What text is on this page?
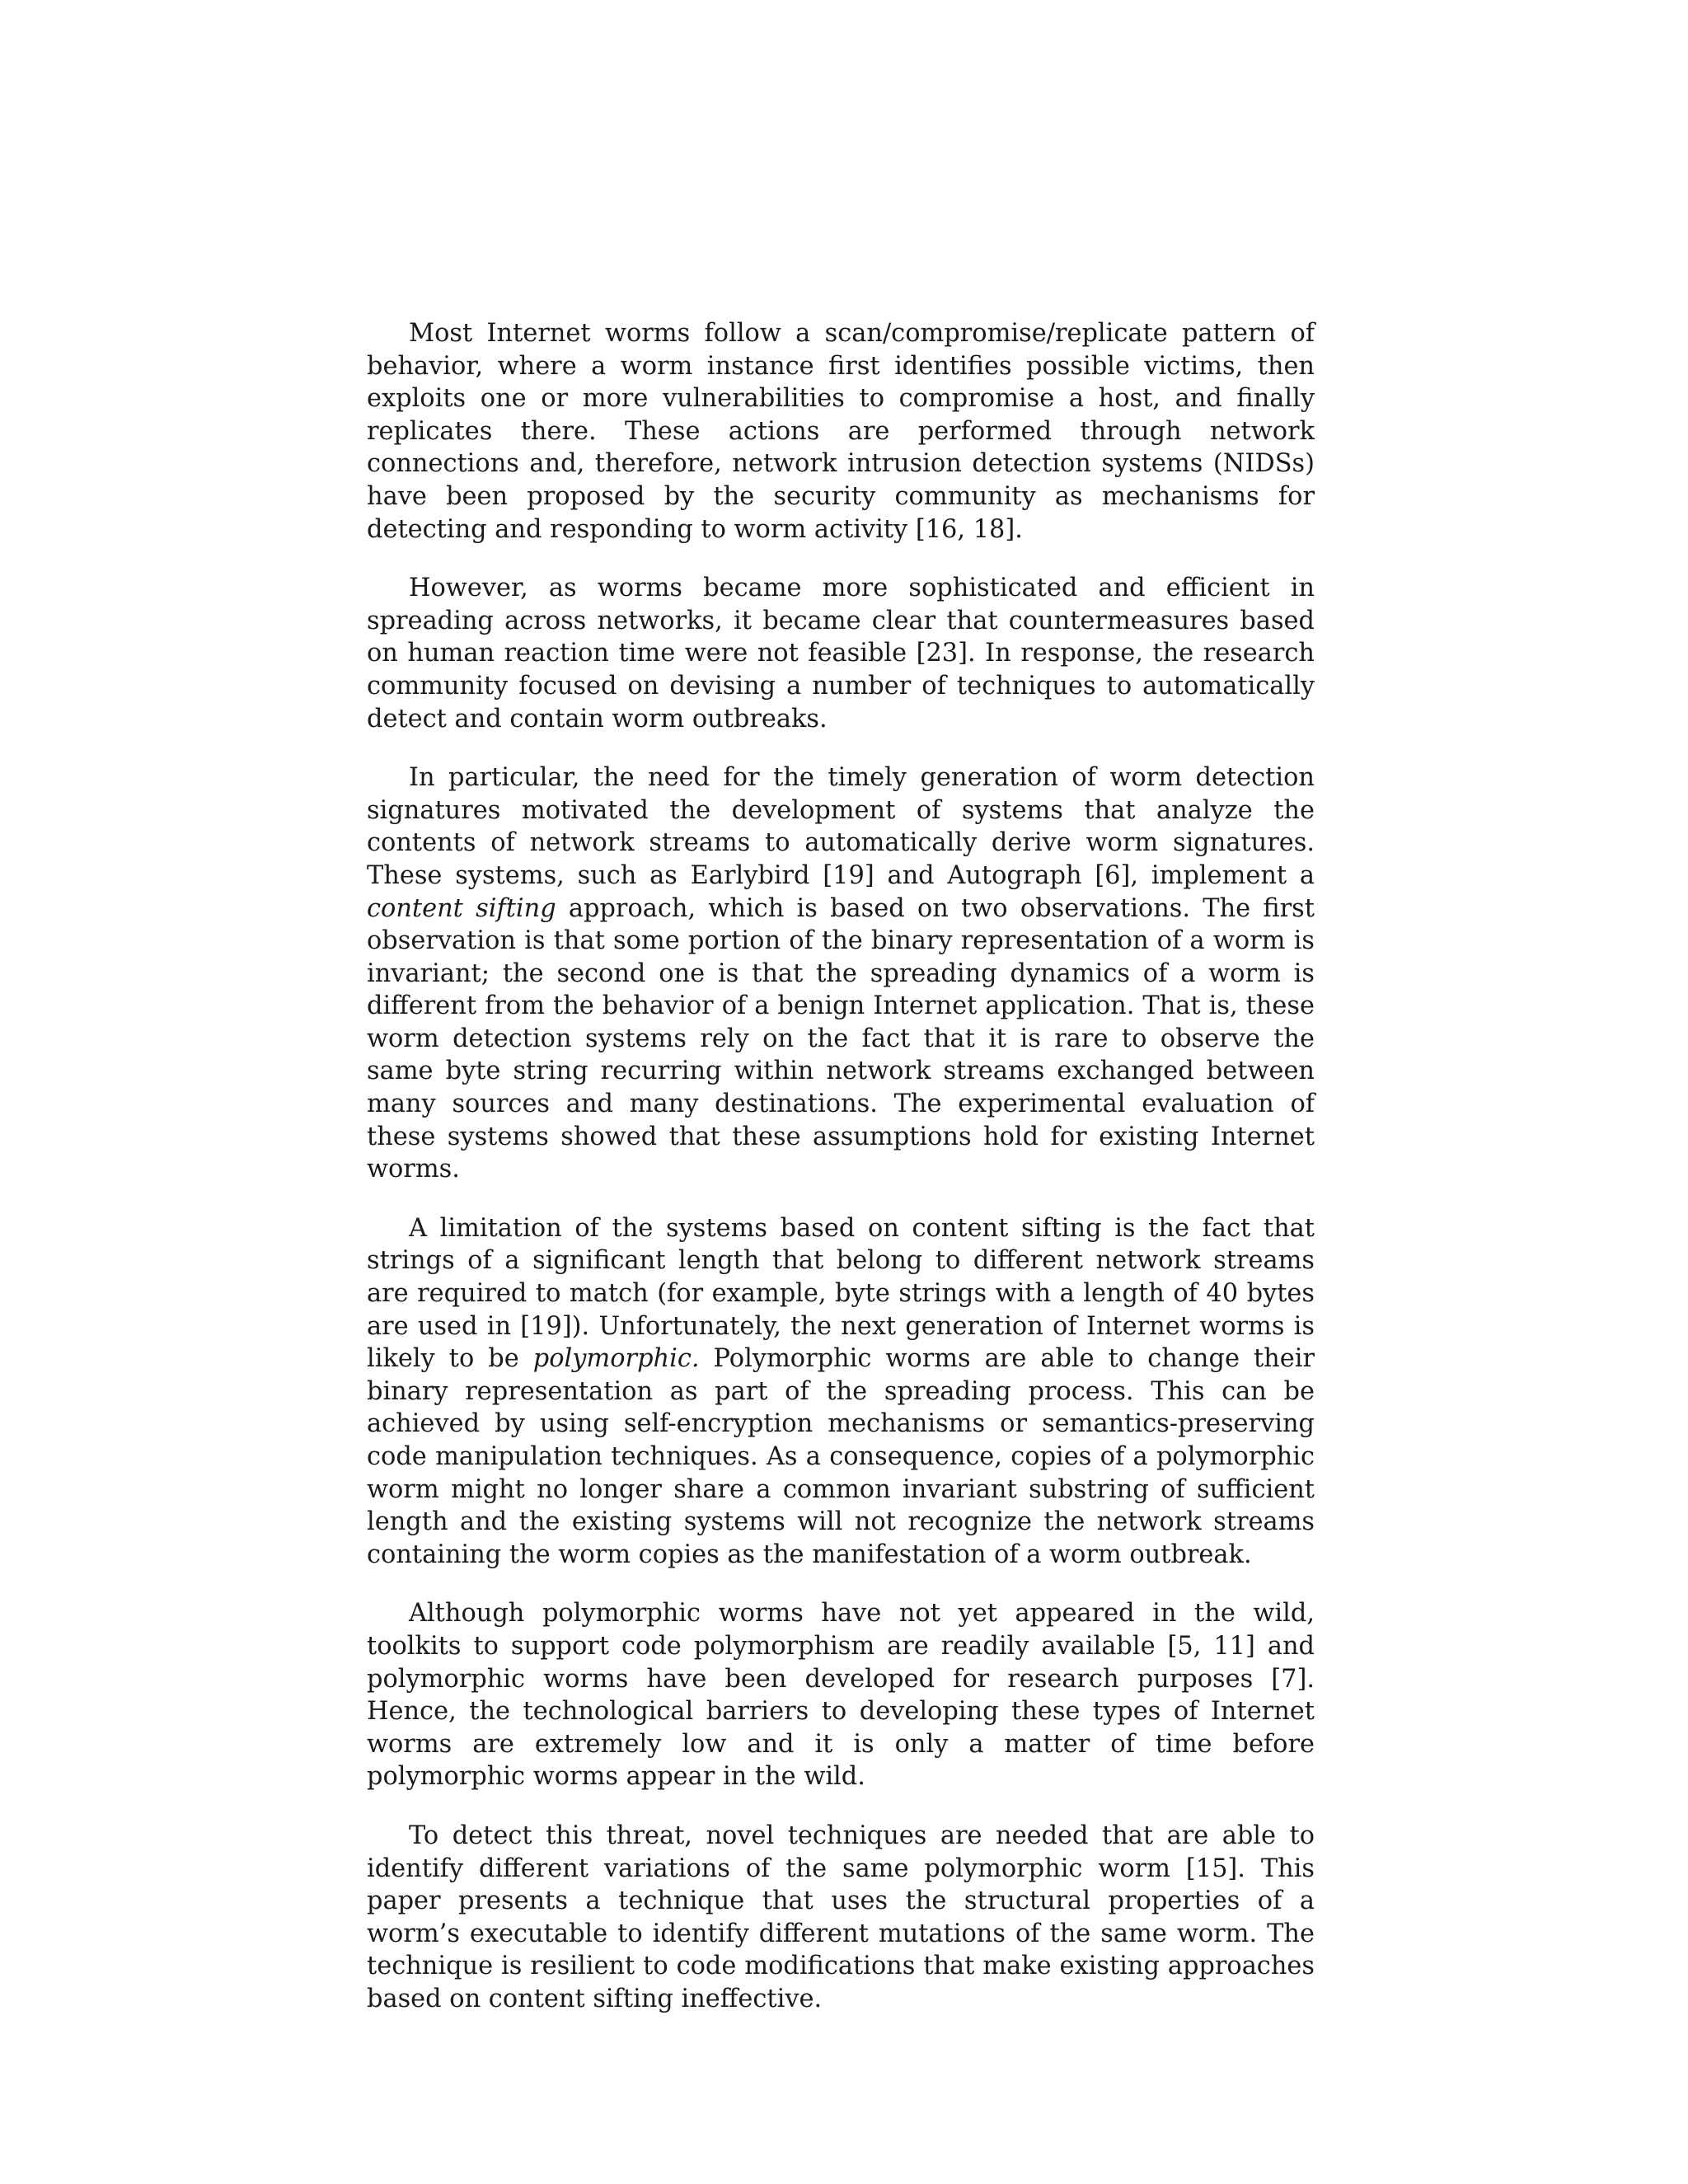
Most Internet worms follow a scan/compromise/replicate pattern of behavior, where a worm instance first identifies possible victims, then exploits one or more vulnerabilities to compromise a host, and finally replicates there. These actions are performed through network connections and, therefore, network intrusion detection systems (NIDSs) have been proposed by the security community as mechanisms for detecting and responding to worm activity [16, 18].

However, as worms became more sophisticated and efficient in spreading across networks, it became clear that countermeasures based on human reaction time were not feasible [23]. In response, the research community focused on devising a number of techniques to automatically detect and contain worm outbreaks.

In particular, the need for the timely generation of worm detection signatures motivated the development of systems that analyze the contents of network streams to automatically derive worm signatures. These systems, such as Earlybird [19] and Autograph [6], implement a content sifting approach, which is based on two observations. The first observation is that some portion of the binary representation of a worm is invariant; the second one is that the spreading dynamics of a worm is different from the behavior of a benign Internet application. That is, these worm detection systems rely on the fact that it is rare to observe the same byte string recurring within network streams exchanged between many sources and many destinations. The experimental evaluation of these systems showed that these assumptions hold for existing Internet worms.

A limitation of the systems based on content sifting is the fact that strings of a significant length that belong to different network streams are required to match (for example, byte strings with a length of 40 bytes are used in [19]). Unfortunately, the next generation of Internet worms is likely to be polymorphic. Polymorphic worms are able to change their binary representation as part of the spreading process. This can be achieved by using self-encryption mechanisms or semantics-preserving code manipulation techniques. As a consequence, copies of a polymorphic worm might no longer share a common invariant substring of sufficient length and the existing systems will not recognize the network streams containing the worm copies as the manifestation of a worm outbreak.

Although polymorphic worms have not yet appeared in the wild, toolkits to support code polymorphism are readily available [5, 11] and polymorphic worms have been developed for research purposes [7]. Hence, the technological barriers to developing these types of Internet worms are extremely low and it is only a matter of time before polymorphic worms appear in the wild.

To detect this threat, novel techniques are needed that are able to identify different variations of the same polymorphic worm [15]. This paper presents a technique that uses the structural properties of a worm’s executable to identify different mutations of the same worm. The technique is resilient to code modifications that make existing approaches based on content sifting ineffective.
